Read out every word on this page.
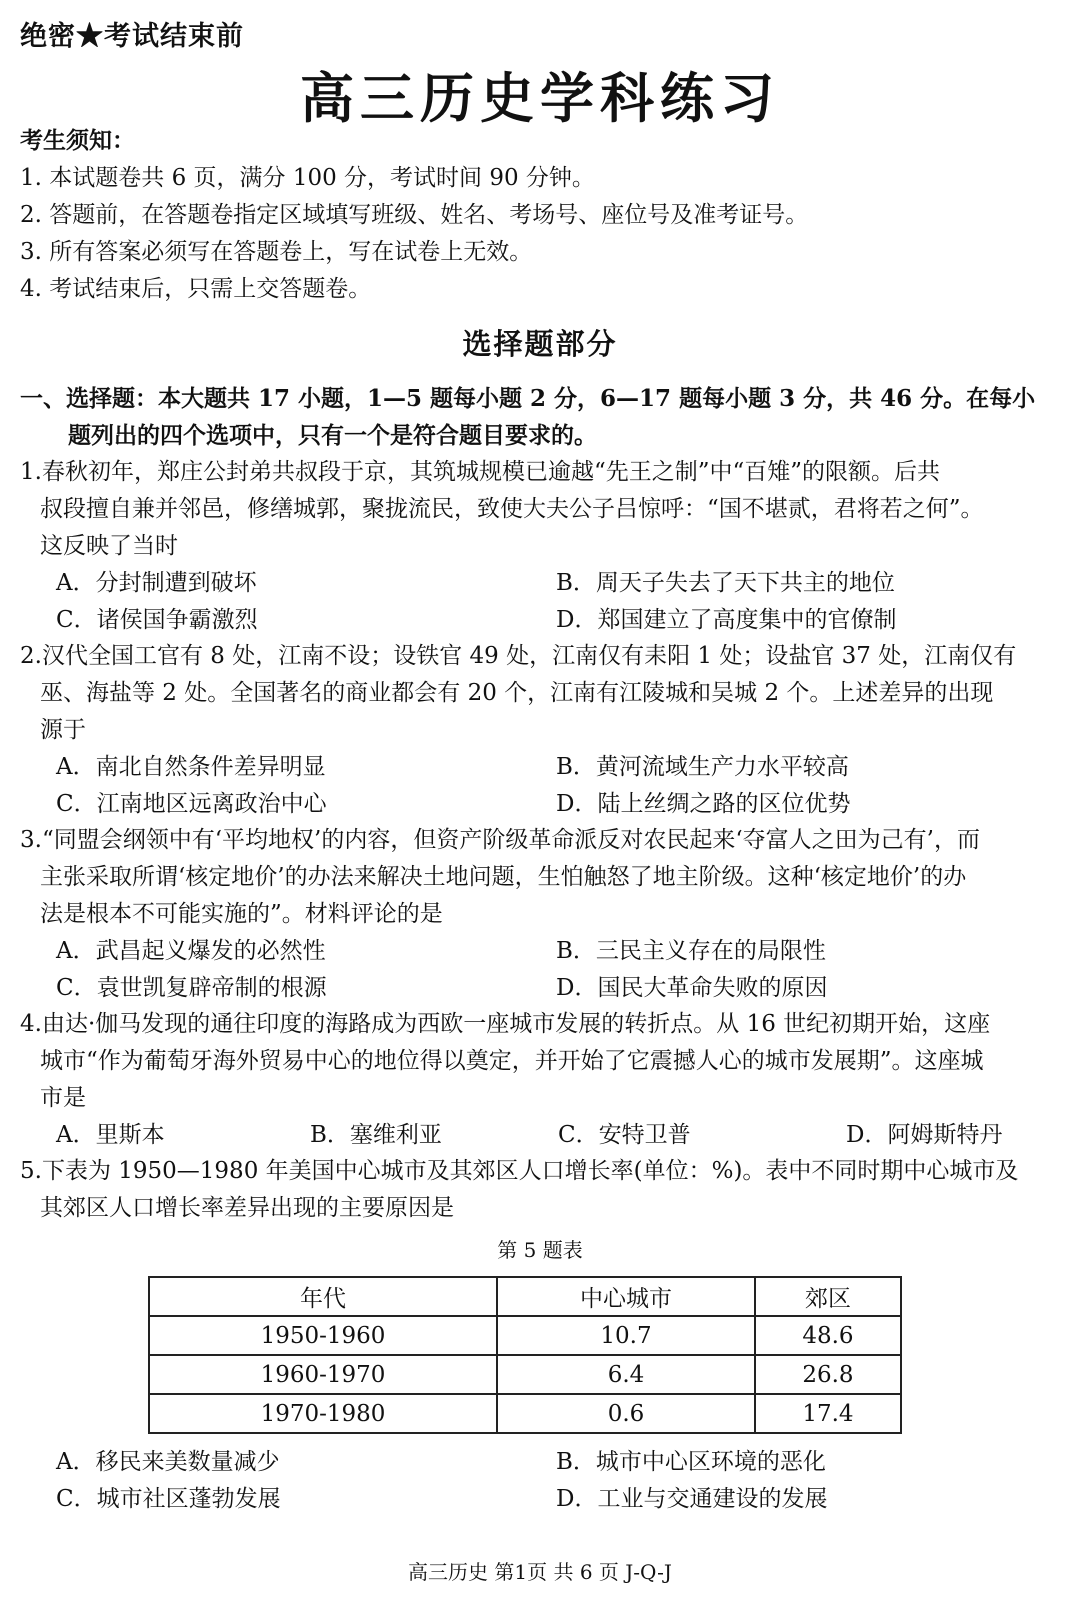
绝密★考试结束前
高三历史学科练习
考生须知：
1. 本试题卷共 6 页，满分 100 分，考试时间 90 分钟。
2. 答题前，在答题卷指定区域填写班级、姓名、考场号、座位号及准考证号。
3. 所有答案必须写在答题卷上，写在试卷上无效。
4. 考试结束后，只需上交答题卷。
选择题部分
一、选择题：本大题共 17 小题，1—5 题每小题 2 分，6—17 题每小题 3 分，共 46 分。在每小
题列出的四个选项中，只有一个是符合题目要求的。
1.春秋初年，郑庄公封弟共叔段于京，其筑城规模已逾越“先王之制”中“百雉”的限额。后共
叔段擅自兼并邻邑，修缮城郭，聚拢流民，致使大夫公子吕惊呼：“国不堪贰，君将若之何”。
这反映了当时
A．分封制遭到破坏	B．周天子失去了天下共主的地位
C．诸侯国争霸激烈	D．郑国建立了高度集中的官僚制
2.汉代全国工官有 8 处，江南不设；设铁官 49 处，江南仅有耒阳 1 处；设盐官 37 处，江南仅有
巫、海盐等 2 处。全国著名的商业都会有 20 个，江南有江陵城和吴城 2 个。上述差异的出现
源于
A．南北自然条件差异明显	B．黄河流域生产力水平较高
C．江南地区远离政治中心	D．陆上丝绸之路的区位优势
3.“同盟会纲领中有‘平均地权’的内容，但资产阶级革命派反对农民起来‘夺富人之田为己有’，而
主张采取所谓‘核定地价’的办法来解决土地问题，生怕触怒了地主阶级。这种‘核定地价’的办
法是根本不可能实施的”。材料评论的是
A．武昌起义爆发的必然性	B．三民主义存在的局限性
C．袁世凯复辟帝制的根源	D．国民大革命失败的原因
4.由达·伽马发现的通往印度的海路成为西欧一座城市发展的转折点。从 16 世纪初期开始，这座
城市“作为葡萄牙海外贸易中心的地位得以奠定，并开始了它震撼人心的城市发展期”。这座城
市是
A．里斯本	B．塞维利亚	C．安特卫普	D．阿姆斯特丹
5.下表为 1950—1980 年美国中心城市及其郊区人口增长率(单位：%)。表中不同时期中心城市及
其郊区人口增长率差异出现的主要原因是
第 5 题表
年代	中心城市	郊区
1950-1960	10.7	48.6
1960-1970	6.4	26.8
1970-1980	0.6	17.4
A．移民来美数量减少	B．城市中心区环境的恶化
C．城市社区蓬勃发展	D．工业与交通建设的发展
高三历史 第1页 共 6 页 J-Q-J
